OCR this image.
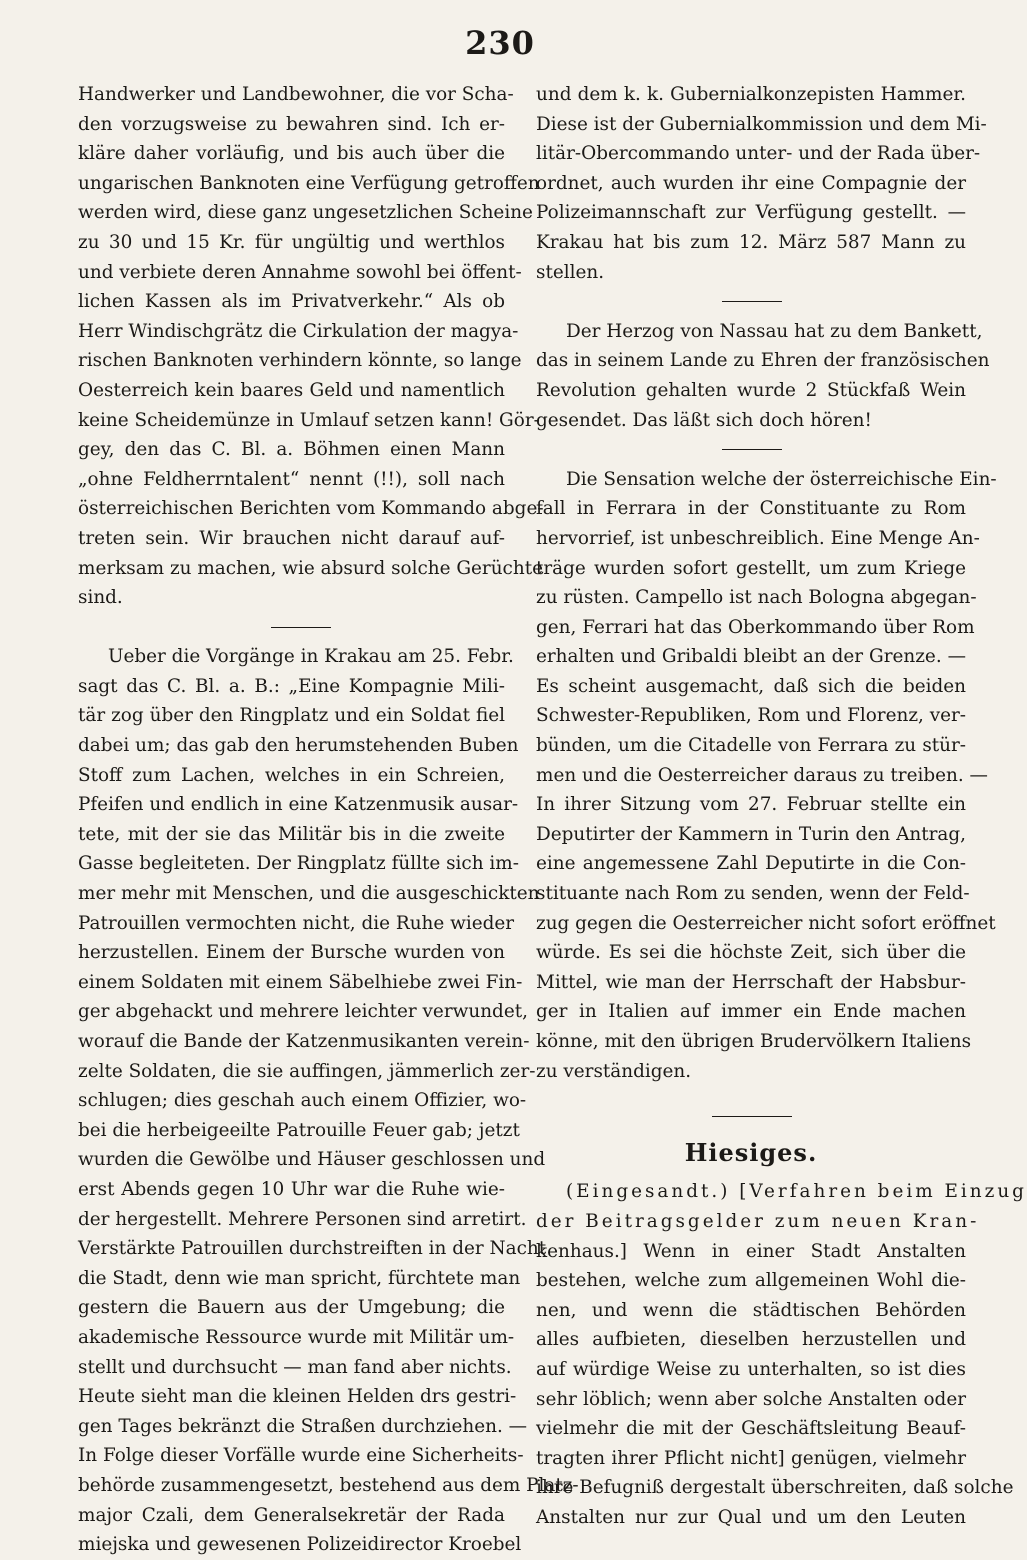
230
Handwerker und Landbewohner, die vor Scha-
den vorzugsweise zu bewahren sind. Ich er-
kläre daher vorläufig, und bis auch über die
ungarischen Banknoten eine Verfügung getroffen
werden wird, diese ganz ungesetzlichen Scheine
zu 30 und 15 Kr. für ungültig und werthlos
und verbiete deren Annahme sowohl bei öffent-
lichen Kassen als im Privatverkehr.“ Als ob
Herr Windischgrätz die Cirkulation der magya-
rischen Banknoten verhindern könnte, so lange
Oesterreich kein baares Geld und namentlich
keine Scheidemünze in Umlauf setzen kann! Gör-
gey, den das C. Bl. a. Böhmen einen Mann
„ohne Feldherrntalent“ nennt (!!), soll nach
österreichischen Berichten vom Kommando abge-
treten sein. Wir brauchen nicht darauf auf-
merksam zu machen, wie absurd solche Gerüchte
sind.
Ueber die Vorgänge in Krakau am 25. Febr.
sagt das C. Bl. a. B.: „Eine Kompagnie Mili-
tär zog über den Ringplatz und ein Soldat fiel
dabei um; das gab den herumstehenden Buben
Stoff zum Lachen, welches in ein Schreien,
Pfeifen und endlich in eine Katzenmusik ausar-
tete, mit der sie das Militär bis in die zweite
Gasse begleiteten. Der Ringplatz füllte sich im-
mer mehr mit Menschen, und die ausgeschickten
Patrouillen vermochten nicht, die Ruhe wieder
herzustellen. Einem der Bursche wurden von
einem Soldaten mit einem Säbelhiebe zwei Fin-
ger abgehackt und mehrere leichter verwundet,
worauf die Bande der Katzenmusikanten verein-
zelte Soldaten, die sie auffingen, jämmerlich zer-
schlugen; dies geschah auch einem Offizier, wo-
bei die herbeigeeilte Patrouille Feuer gab; jetzt
wurden die Gewölbe und Häuser geschlossen und
erst Abends gegen 10 Uhr war die Ruhe wie-
der hergestellt. Mehrere Personen sind arretirt.
Verstärkte Patrouillen durchstreiften in der Nacht
die Stadt, denn wie man spricht, fürchtete man
gestern die Bauern aus der Umgebung; die
akademische Ressource wurde mit Militär um-
stellt und durchsucht — man fand aber nichts.
Heute sieht man die kleinen Helden drs gestri-
gen Tages bekränzt die Straßen durchziehen. —
In Folge dieser Vorfälle wurde eine Sicherheits-
behörde zusammengesetzt, bestehend aus dem Platz-
major Czali, dem Generalsekretär der Rada
miejska und gewesenen Polizeidirector Kroebel
und dem k. k. Gubernialkonzepisten Hammer.
Diese ist der Gubernialkommission und dem Mi-
litär-Obercommando unter- und der Rada über-
ordnet, auch wurden ihr eine Compagnie der
Polizeimannschaft zur Verfügung gestellt. —
Krakau hat bis zum 12. März 587 Mann zu
stellen.
Der Herzog von Nassau hat zu dem Bankett,
das in seinem Lande zu Ehren der französischen
Revolution gehalten wurde 2 Stückfaß Wein
gesendet. Das läßt sich doch hören!
Die Sensation welche der österreichische Ein-
fall in Ferrara in der Constituante zu Rom
hervorrief, ist unbeschreiblich. Eine Menge An-
träge wurden sofort gestellt, um zum Kriege
zu rüsten. Campello ist nach Bologna abgegan-
gen, Ferrari hat das Oberkommando über Rom
erhalten und Gribaldi bleibt an der Grenze. —
Es scheint ausgemacht, daß sich die beiden
Schwester-Republiken, Rom und Florenz, ver-
bünden, um die Citadelle von Ferrara zu stür-
men und die Oesterreicher daraus zu treiben. —
In ihrer Sitzung vom 27. Februar stellte ein
Deputirter der Kammern in Turin den Antrag,
eine angemessene Zahl Deputirte in die Con-
stituante nach Rom zu senden, wenn der Feld-
zug gegen die Oesterreicher nicht sofort eröffnet
würde. Es sei die höchste Zeit, sich über die
Mittel, wie man der Herrschaft der Habsbur-
ger in Italien auf immer ein Ende machen
könne, mit den übrigen Brudervölkern Italiens
zu verständigen.
Hiesiges.
(Eingesandt.) [Verfahren beim Einzug
der Beitragsgelder zum neuen Kran-
kenhaus.] Wenn in einer Stadt Anstalten
bestehen, welche zum allgemeinen Wohl die-
nen, und wenn die städtischen Behörden
alles aufbieten, dieselben herzustellen und
auf würdige Weise zu unterhalten, so ist dies
sehr löblich; wenn aber solche Anstalten oder
vielmehr die mit der Geschäftsleitung Beauf-
tragten ihrer Pflicht nicht] genügen, vielmehr
ihre Befugniß dergestalt überschreiten, daß solche
Anstalten nur zur Qual und um den Leuten
